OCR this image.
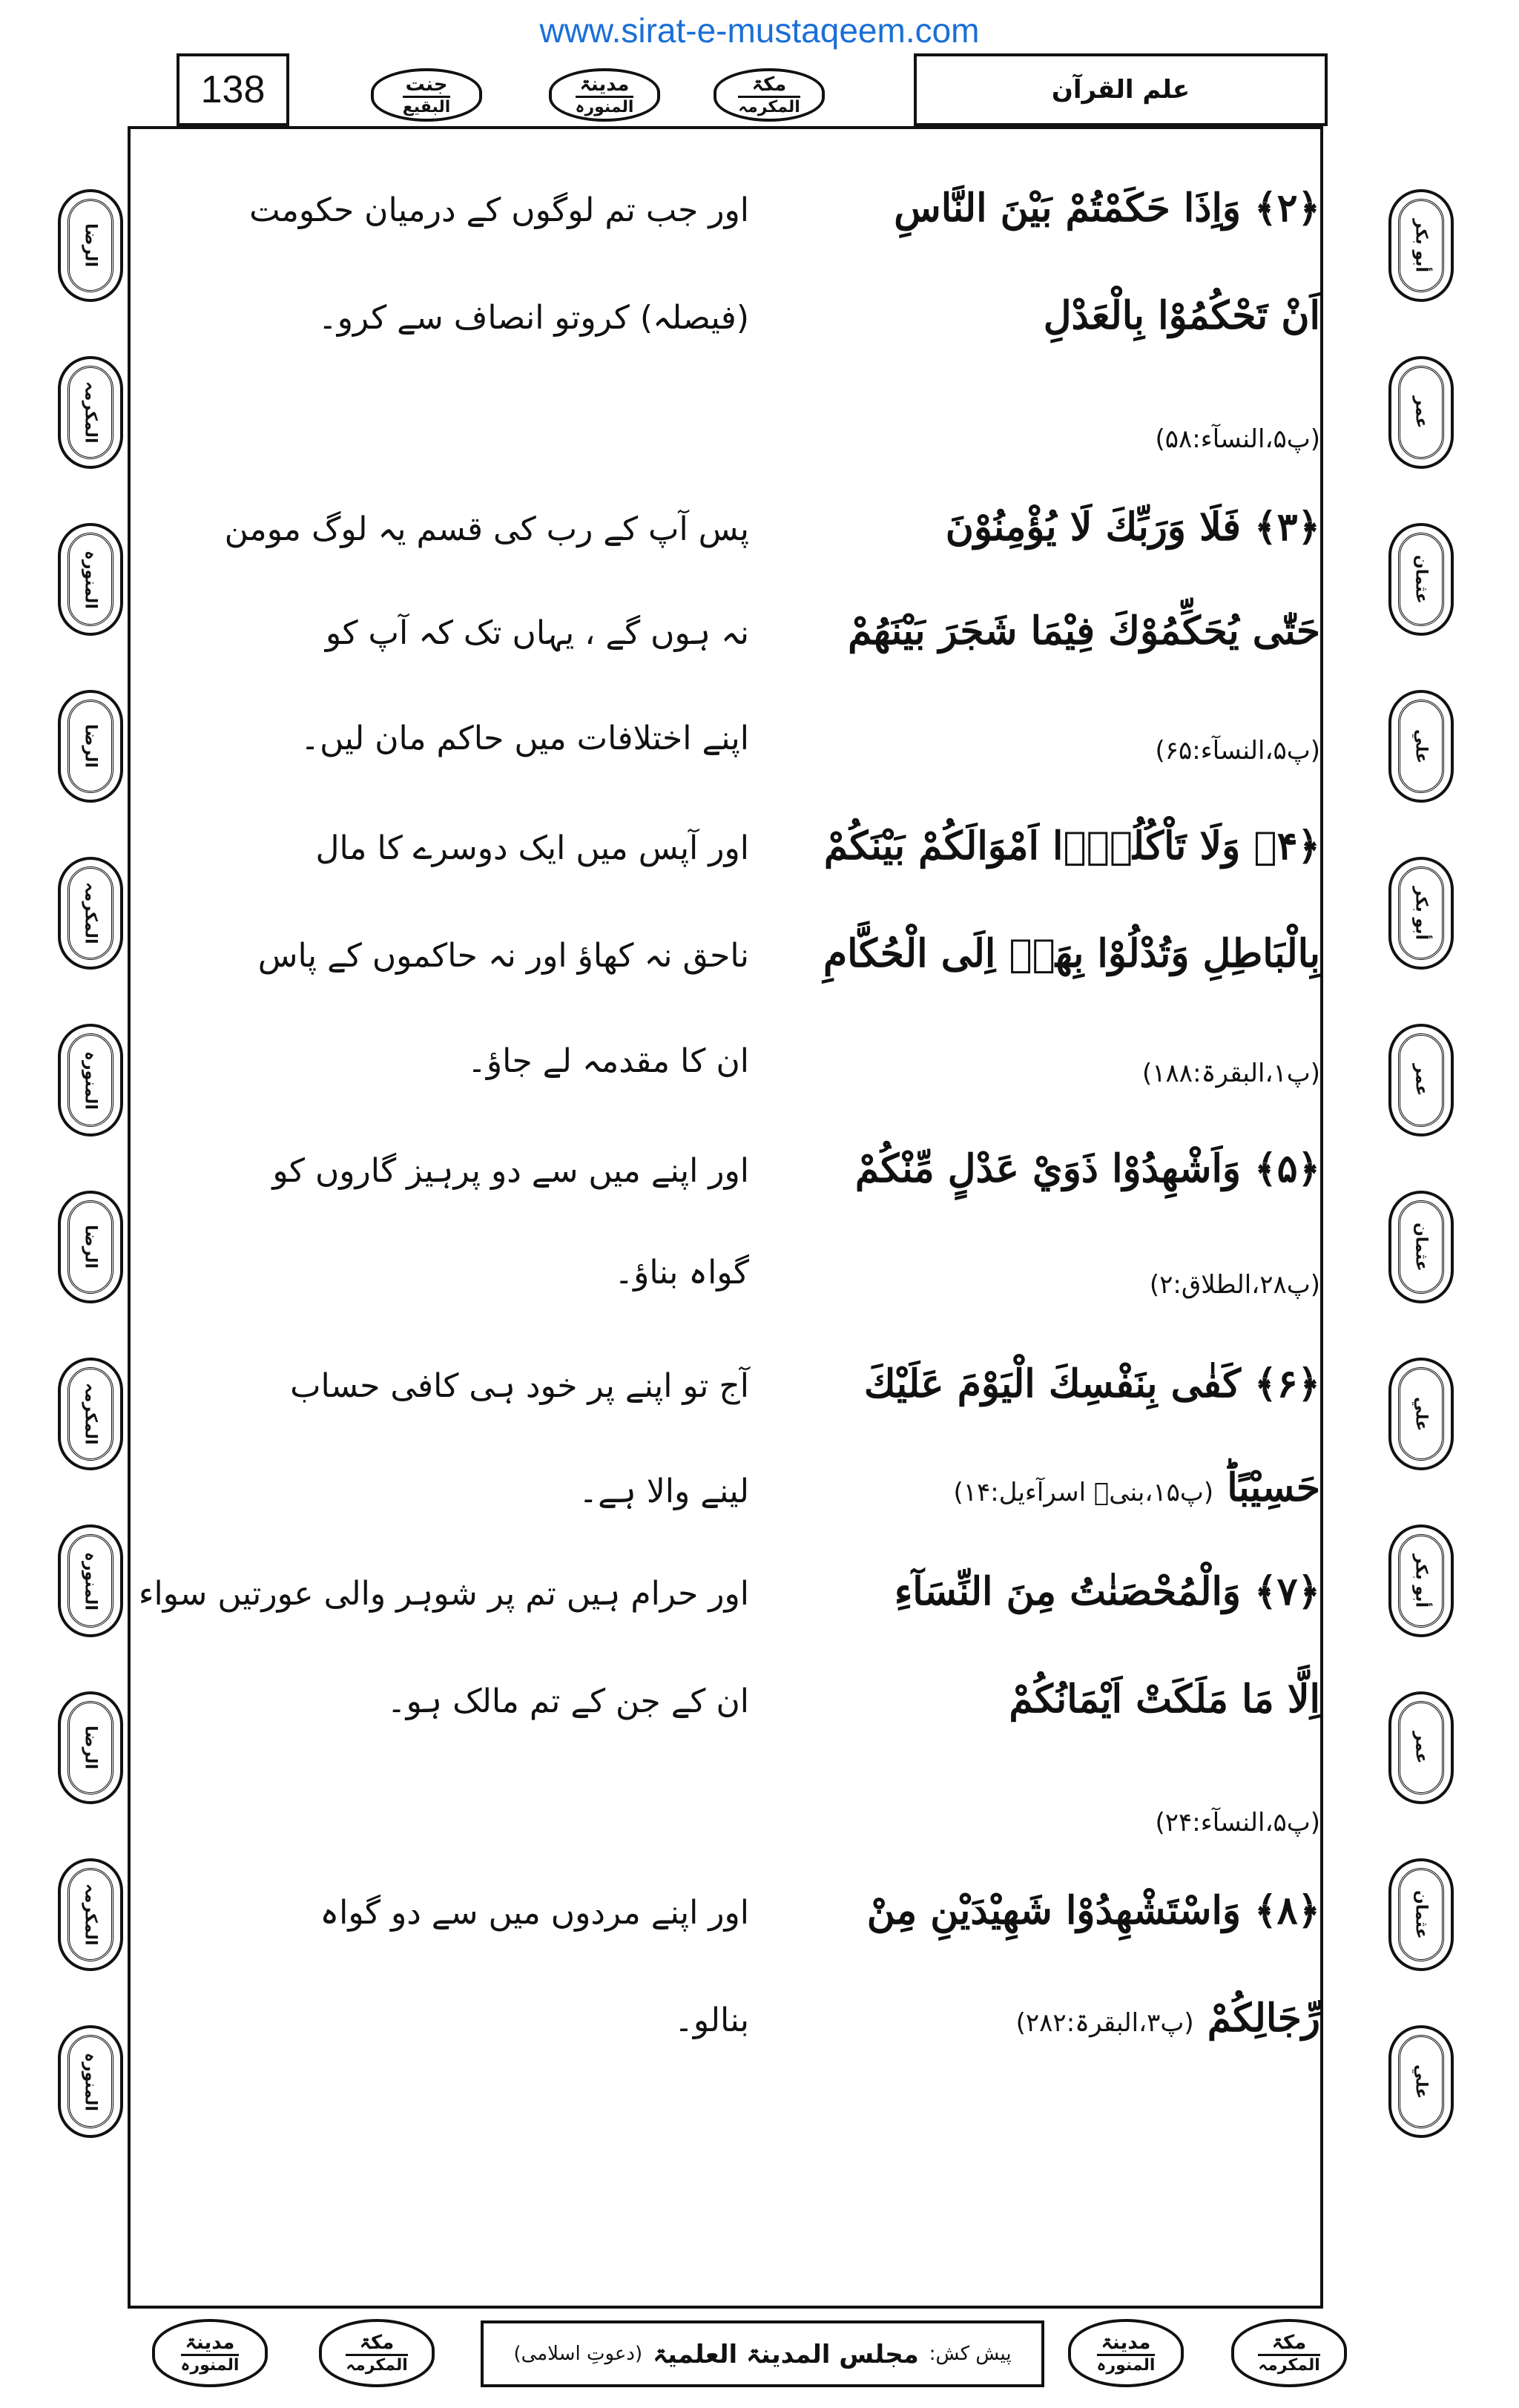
www.sirat-e-mustaqeem.com
138	جنت
البقیع
مدینۃ
المنورہ
مکۃ
المکرمہ
علم القرآن
أبو بكر
عمر
عثمان
علي
أبو بكر
عمر
عثمان
علي
أبو بكر
عمر
عثمان
علي
الرضا
المکرمہ
المنورہ
الرضا
المکرمہ
المنورہ
الرضا
المکرمہ
المنورہ
الرضا
المکرمہ
المنورہ
﴿۲﴾ وَاِذَا حَكَمْتُمْ بَيْنَ النَّاسِ
اور جب تم لوگوں کے درمیان حکومت
اَنْ تَحْكُمُوْا بِالْعَدْلِ
(فیصلہ) کروتو انصاف سے کرو۔
(پ۵،النسآء:۵۸)
﴿۳﴾ فَلَا وَرَبِّكَ لَا يُؤْمِنُوْنَ
پس آپ کے رب کی قسم یہ لوگ مومن
حَتّٰى يُحَكِّمُوْكَ فِيْمَا شَجَرَ بَيْنَهُمْ
نہ ہوں گے ، یہاں تک کہ آپ کو
(پ۵،النسآء:۶۵)
اپنے اختلافات میں حاکم مان لیں۔
﴿۴﴾ وَلَا تَاْكُلُوْۤا اَمْوَالَكُمْ بَيْنَكُمْ
اور آپس میں ایک دوسرے کا مال
بِالْبَاطِلِ وَتُدْلُوْا بِهَاۤ اِلَى الْحُكَّامِ
ناحق نہ کھاؤ اور نہ حاکموں کے پاس
(پ۱،البقرۃ:۱۸۸)
ان کا مقدمہ لے جاؤ۔
﴿۵﴾ وَاَشْهِدُوْا ذَوَيْ عَدْلٍ مِّنْكُمْ
اور اپنے میں سے دو پرہیز گاروں کو
(پ۲۸،الطلاق:۲)
گواہ بناؤ۔
﴿۶﴾ كَفٰى بِنَفْسِكَ الْيَوْمَ عَلَيْكَ
آج تو اپنے پر خود ہی کافی حساب
حَسِيْبًاؕ (پ۱۵،بنیۤ اسرآءیل:۱۴)
لینے والا ہے۔
﴿۷﴾ وَالْمُحْصَنٰتُ مِنَ النِّسَآءِ
اور حرام ہیں تم پر شوہر والی عورتیں سواء
اِلَّا مَا مَلَكَتْ اَيْمَانُكُمْ
ان کے جن کے تم مالک ہو۔
(پ۵،النسآء:۲۴)
﴿۸﴾ وَاسْتَشْهِدُوْا شَهِيْدَيْنِ مِنْ
اور اپنے مردوں میں سے دو گواہ
رِّجَالِكُمْ (پ۳،البقرۃ:۲۸۲)
بنالو۔
مدینۃ
المنورہ
مکۃ
المکرمہ	پیش کش:
مجلس المدینۃ العلمیۃ
(دعوتِ اسلامی)
مدینۃ
المنورہ
مکۃ
المکرمہ
